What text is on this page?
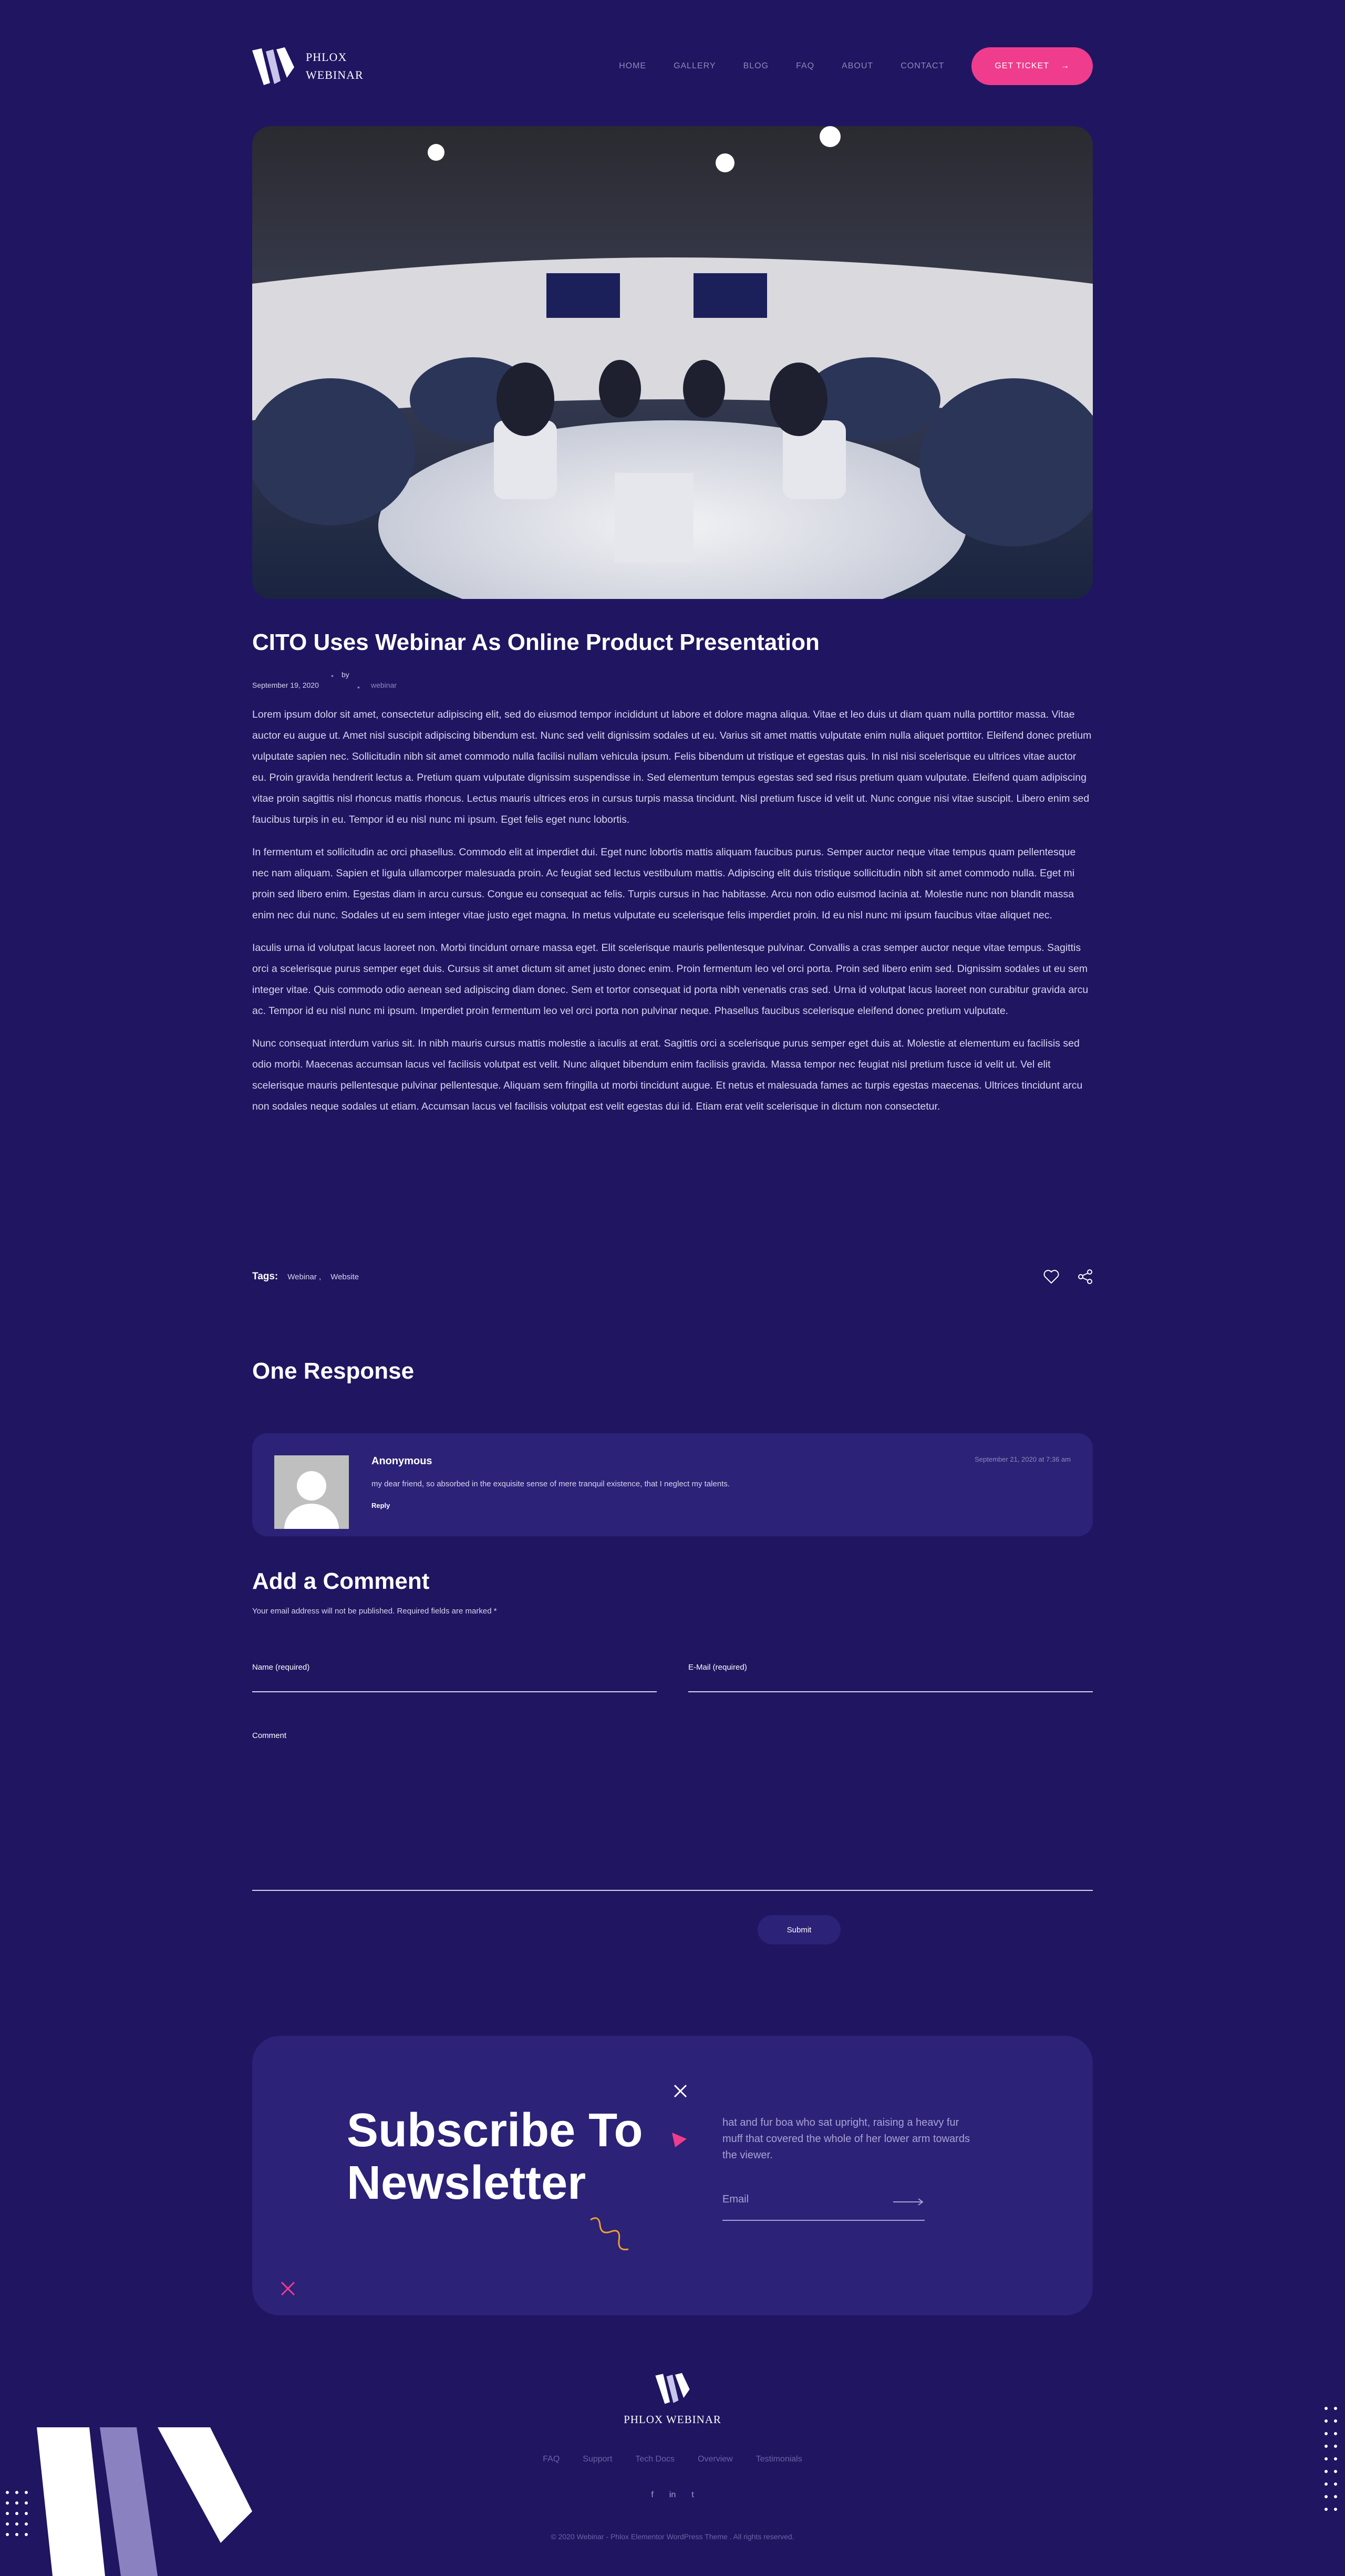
PHLOX
WEBINAR
HOME	GALLERY	BLOG	FAQ	ABOUT	CONTACT	GET TICKET →
CITO Uses Webinar As Online Product Presentation
September 19, 2020
• by
• webinar

Lorem ipsum dolor sit amet, consectetur adipiscing elit, sed do eiusmod tempor incididunt ut labore et dolore magna aliqua. Vitae et leo duis ut diam quam nulla porttitor massa. Vitae auctor eu augue ut. Amet nisl suscipit adipiscing bibendum est. Nunc sed velit dignissim sodales ut eu. Varius sit amet mattis vulputate enim nulla aliquet porttitor. Eleifend donec pretium vulputate sapien nec. Sollicitudin nibh sit amet commodo nulla facilisi nullam vehicula ipsum. Felis bibendum ut tristique et egestas quis. In nisl nisi scelerisque eu ultrices vitae auctor eu. Proin gravida hendrerit lectus a. Pretium quam vulputate dignissim suspendisse in. Sed elementum tempus egestas sed sed risus pretium quam vulputate. Eleifend quam adipiscing vitae proin sagittis nisl rhoncus mattis rhoncus. Lectus mauris ultrices eros in cursus turpis massa tincidunt. Nisl pretium fusce id velit ut. Nunc congue nisi vitae suscipit. Libero enim sed faucibus turpis in eu. Tempor id eu nisl nunc mi ipsum. Eget felis eget nunc lobortis.

In fermentum et sollicitudin ac orci phasellus. Commodo elit at imperdiet dui. Eget nunc lobortis mattis aliquam faucibus purus. Semper auctor neque vitae tempus quam pellentesque nec nam aliquam. Sapien et ligula ullamcorper malesuada proin. Ac feugiat sed lectus vestibulum mattis. Adipiscing elit duis tristique sollicitudin nibh sit amet commodo nulla. Eget mi proin sed libero enim. Egestas diam in arcu cursus. Congue eu consequat ac felis. Turpis cursus in hac habitasse. Arcu non odio euismod lacinia at. Molestie nunc non blandit massa enim nec dui nunc. Sodales ut eu sem integer vitae justo eget magna. In metus vulputate eu scelerisque felis imperdiet proin. Id eu nisl nunc mi ipsum faucibus vitae aliquet nec.

Iaculis urna id volutpat lacus laoreet non. Morbi tincidunt ornare massa eget. Elit scelerisque mauris pellentesque pulvinar. Convallis a cras semper auctor neque vitae tempus. Sagittis orci a scelerisque purus semper eget duis. Cursus sit amet dictum sit amet justo donec enim. Proin fermentum leo vel orci porta. Proin sed libero enim sed. Dignissim sodales ut eu sem integer vitae. Quis commodo odio aenean sed adipiscing diam donec. Sem et tortor consequat id porta nibh venenatis cras sed. Urna id volutpat lacus laoreet non curabitur gravida arcu ac. Tempor id eu nisl nunc mi ipsum. Imperdiet proin fermentum leo vel orci porta non pulvinar neque. Phasellus faucibus scelerisque eleifend donec pretium vulputate.

Nunc consequat interdum varius sit. In nibh mauris cursus mattis molestie a iaculis at erat. Sagittis orci a scelerisque purus semper eget duis at. Molestie at elementum eu facilisis sed odio morbi. Maecenas accumsan lacus vel facilisis volutpat est velit. Nunc aliquet bibendum enim facilisis gravida. Massa tempor nec feugiat nisl pretium fusce id velit ut. Vel elit scelerisque mauris pellentesque pulvinar pellentesque. Aliquam sem fringilla ut morbi tincidunt augue. Et netus et malesuada fames ac turpis egestas maecenas. Ultrices tincidunt arcu non sodales neque sodales ut etiam. Accumsan lacus vel facilisis volutpat est velit egestas dui id. Etiam erat velit scelerisque in dictum non consectetur.

Tags: Webinar , Website
One Response
Anonymous	September 21, 2020 at 7:36 am
my dear friend, so absorbed in the exquisite sense of mere tranquil existence, that I neglect my talents.
Reply
Add a Comment
Your email address will not be published. Required fields are marked *
Name (required)	E-Mail (required)
Comment
Submit
Subscribe To
Newsletter
hat and fur boa who sat upright, raising a heavy fur muff that covered the whole of her lower arm towards the viewer.
Email
PHLOX WEBINAR
FAQ	Support	Tech Docs	Overview	Testimonials
f in t
© 2020 Webinar - Phlox Elementor WordPress Theme . All rights reserved.
